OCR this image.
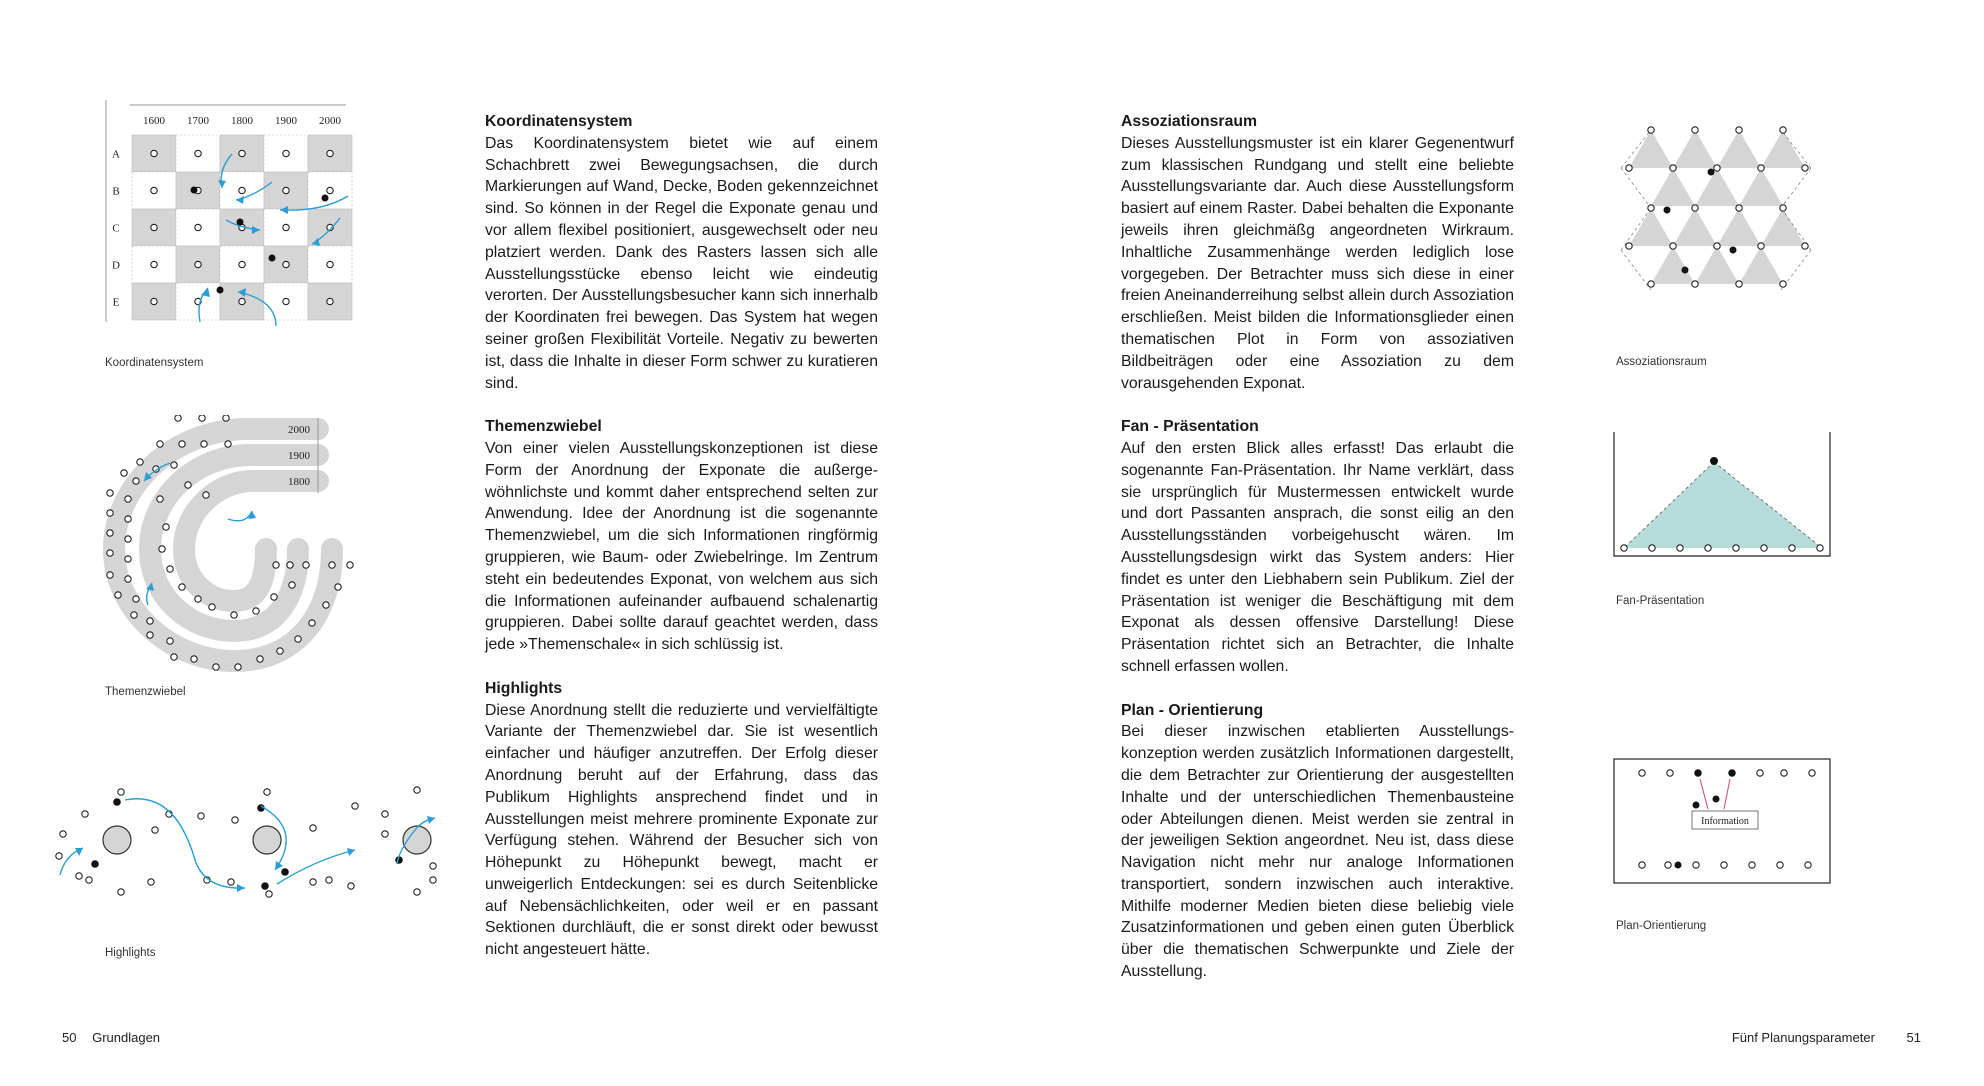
1600 1700 1800 1900 2000
A
B
C
D
E
Koordinatensystem
2000
1900
1800
Themenzwiebel
Highlights
Koordinatensystem

Das Koordinatensystem bietet wie auf einem Schachbrett zwei Bewegungsachsen, die durch Markierungen auf Wand, Decke, Boden gekennzeichnet sind. So können in der Regel die Exponate genau und vor allem flexibel positioniert, ausgewechselt oder neu platziert werden. Dank des Rasters lassen sich alle Ausstellungsstücke ebenso leicht wie eindeutig verorten. Der Ausstellungsbesucher kann sich innerhalb der Koordinaten frei bewegen. Das System hat wegen seiner großen Flexibilität Vorteile. Negativ zu bewerten ist, dass die Inhalte in dieser Form schwer zu kuratieren sind.

Themenzwiebel

Von einer vielen Ausstellungskonzeptionen ist diese Form der Anordnung der Exponate die außergewöhnlichste und kommt daher entsprechend selten zur Anwendung. Idee der Anordnung ist die sogenannte Themenzwiebel, um die sich Informationen ringförmig gruppieren, wie Baum- oder Zwiebelringe. Im Zentrum steht ein bedeutendes Exponat, von welchem aus sich die Informationen aufeinander aufbauend schalenartig gruppieren. Dabei sollte darauf geachtet werden, dass jede »Themenschale« in sich schlüssig ist.

Highlights

Diese Anordnung stellt die reduzierte und vervielfältigte Variante der Themenzwiebel dar. Sie ist wesentlich einfacher und häufiger anzutreffen. Der Erfolg dieser Anordnung beruht auf der Erfahrung, dass das Publikum Highlights ansprechend findet und in Ausstellungen meist mehrere prominente Exponate zur Verfügung stehen. Während der Besucher sich von Höhepunkt zu Höhepunkt bewegt, macht er unweigerlich Entdeckungen: sei es durch Seitenblicke auf Nebensächlichkeiten, oder weil er en passant Sektionen durchläuft, die er sonst direkt oder bewusst nicht angesteuert hätte.

Assoziationsraum

Dieses Ausstellungsmuster ist ein klarer Gegenentwurf zum klassischen Rundgang und stellt eine beliebte Ausstellungsvariante dar. Auch diese Ausstellungsform basiert auf einem Raster. Dabei behalten die Exponante jeweils ihren gleichmäßg angeordneten Wirkraum. Inhaltliche Zusammenhänge werden lediglich lose vorgegeben. Der Betrachter muss sich diese in einer freien Aneinanderreihung selbst allein durch Assoziation erschließen. Meist bilden die Informationsglieder einen thematischen Plot in Form von assoziativen Bildbeiträgen oder eine Assoziation zu dem vorausgehenden Exponat.

Fan - Präsentation

Auf den ersten Blick alles erfasst! Das erlaubt die sogenannte Fan-Präsentation. Ihr Name verklärt, dass sie ursprünglich für Mustermessen entwickelt wurde und dort Passanten ansprach, die sonst eilig an den Ausstellungsständen vorbeigehuscht wären. Im Ausstellungsdesign wirkt das System anders: Hier findet es unter den Liebhabern sein Publikum. Ziel der Präsentation ist weniger die Beschäftigung mit dem Exponat als dessen offensive Darstellung! Diese Präsentation richtet sich an Betrachter, die Inhalte schnell erfassen wollen.

Plan - Orientierung

Bei dieser inzwischen etablierten Ausstellungskonzeption werden zusätzlich Informationen dargestellt, die dem Betrachter zur Orientierung der ausgestellten Inhalte und der unterschiedlichen Themenbausteine oder Abteilungen dienen. Meist werden sie zentral in der jeweiligen Sektion angeordnet. Neu ist, dass diese Navigation nicht mehr nur analoge Informationen transportiert, sondern inzwischen auch interaktive. Mithilfe moderner Medien bieten diese beliebig viele Zusatzinformationen und geben einen guten Überblick über die thematischen Schwerpunkte und Ziele der Ausstellung.

Assoziationsraum
Fan-Präsentation
Information
Plan-Orientierung
50 Grundlagen	Fünf Planungsparameter 51
